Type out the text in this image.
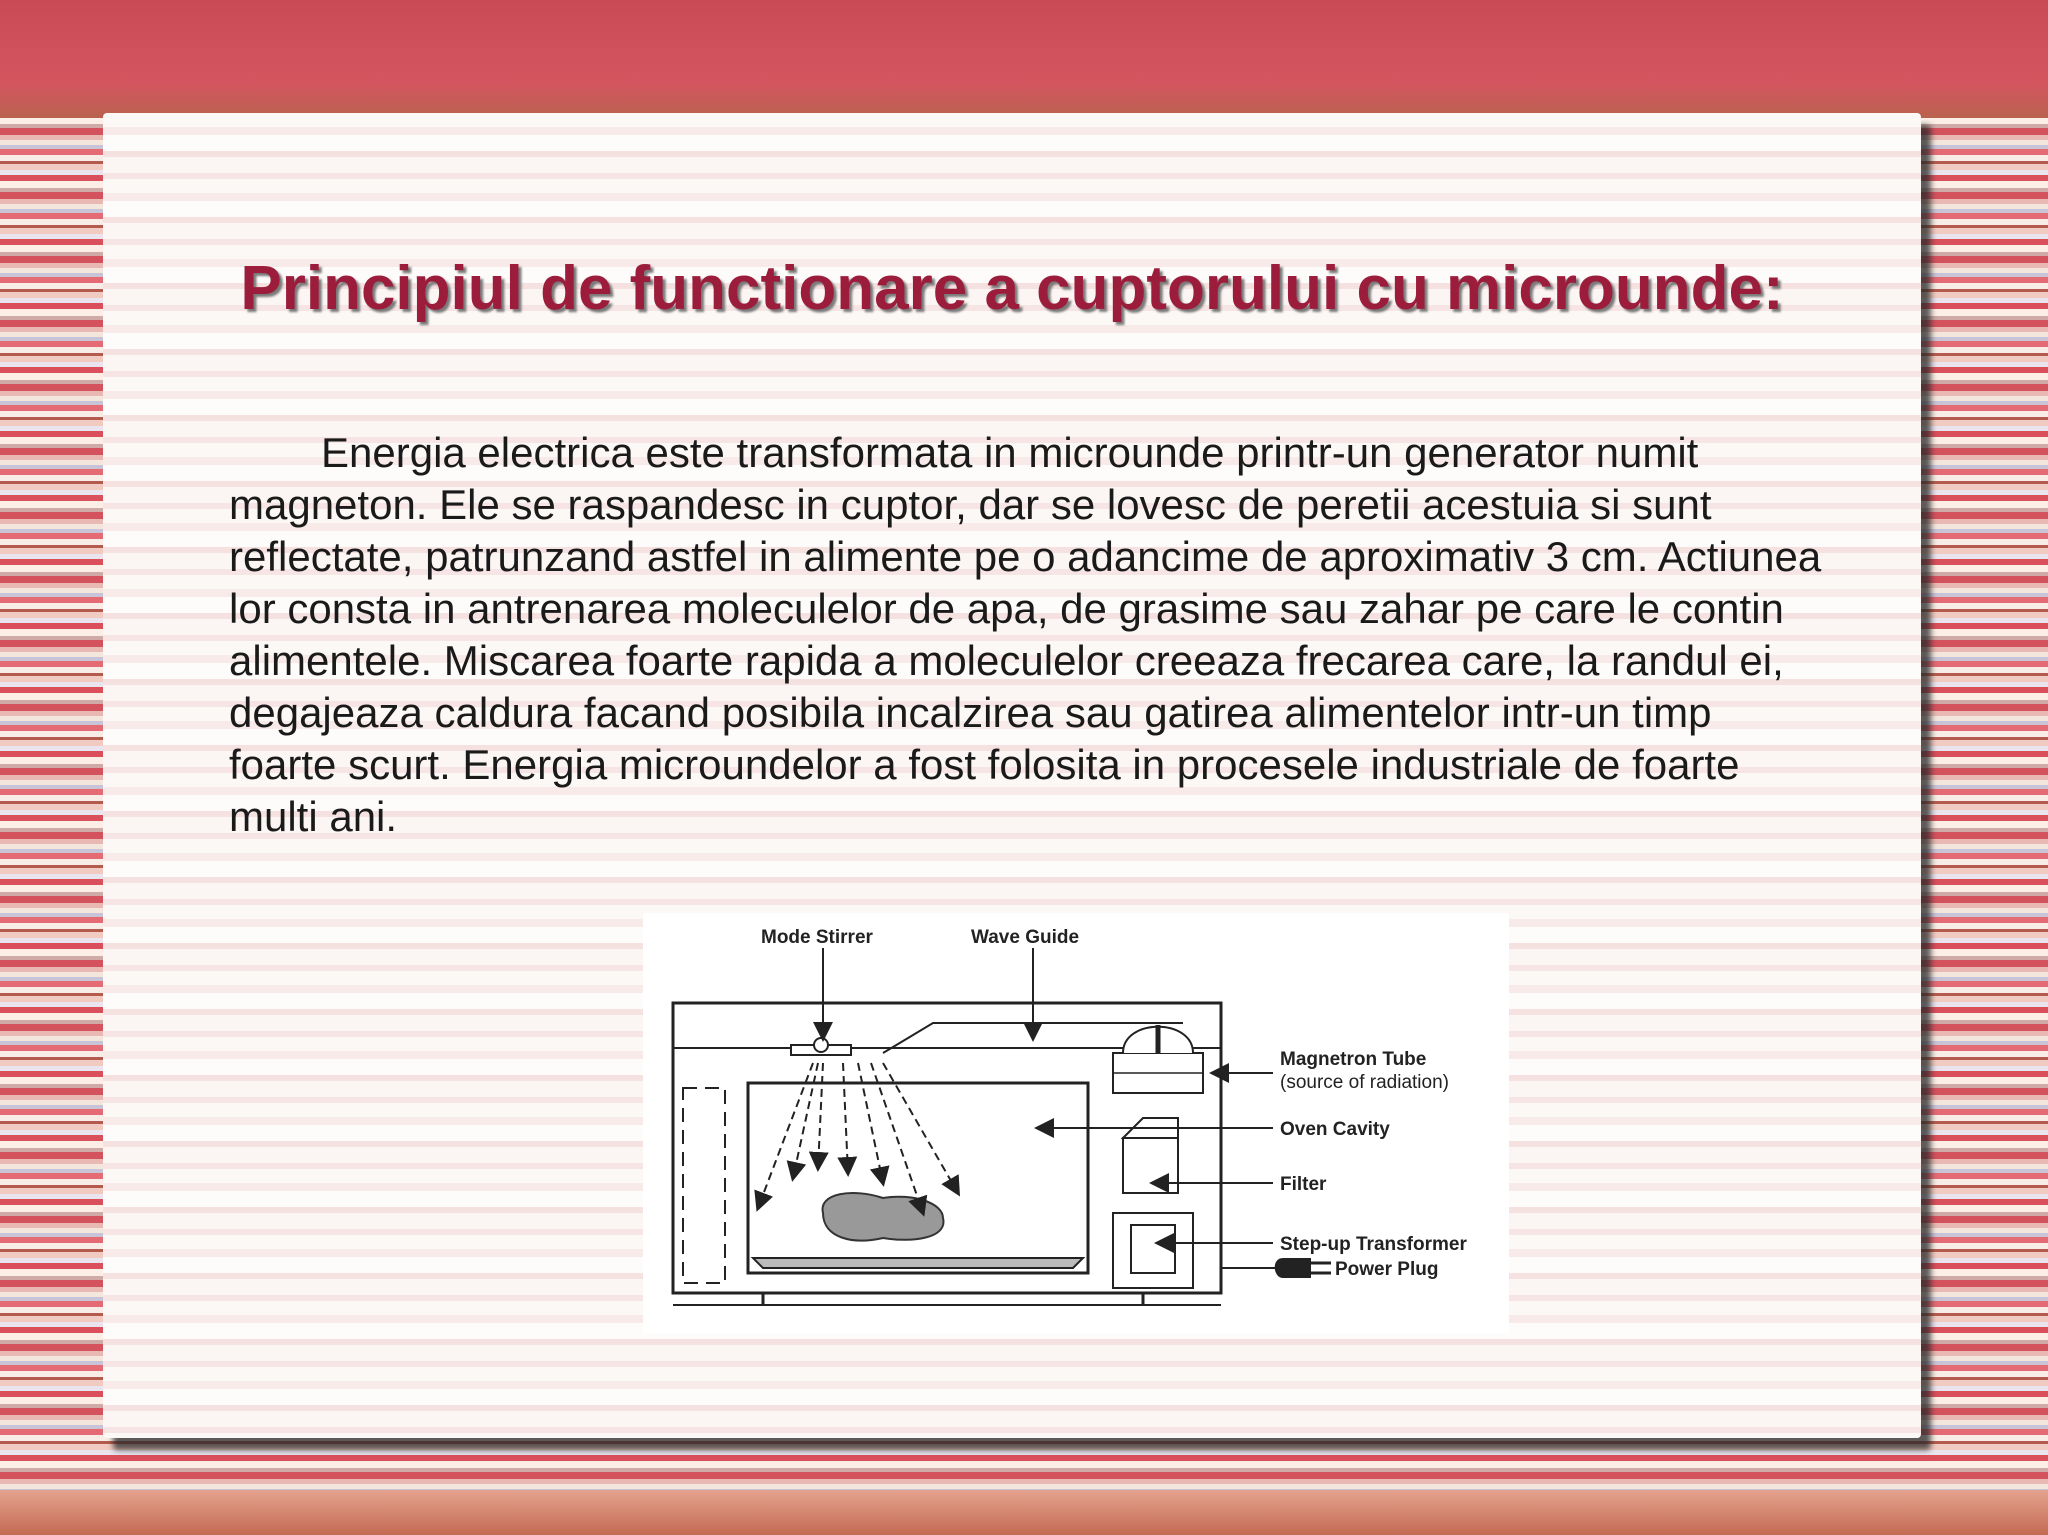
Principiul de functionare a cuptorului cu microunde:

Energia electrica este transformata in microunde printr-un generator numit magneton. Ele se raspandesc in cuptor, dar se lovesc de peretii acestuia si sunt reflectate, patrunzand astfel in alimente pe o adancime de aproximativ 3 cm. Actiunea lor consta in antrenarea moleculelor de apa, de grasime sau zahar pe care le contin alimentele. Miscarea foarte rapida a moleculelor creeaza frecarea care, la randul ei, degajeaza caldura facand posibila incalzirea sau gatirea alimentelor intr-un timp foarte scurt. Energia microundelor a fost folosita in procesele industriale de foarte multi ani.

Mode Stirrer	Wave Guide
Magnetron Tube
(source of radiation)
Oven Cavity
Filter
Step-up Transformer
Power Plug
